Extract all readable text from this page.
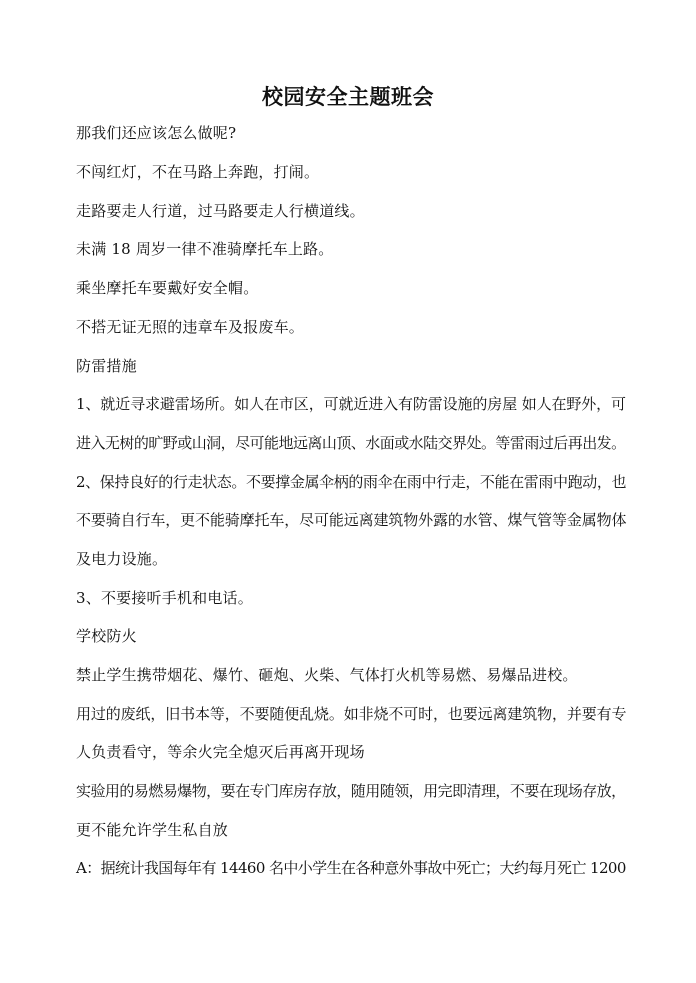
校园安全主题班会
那我们还应该怎么做呢?
不闯红灯，不在马路上奔跑，打闹。
走路要走人行道，过马路要走人行横道线。
未满 18 周岁一律不准骑摩托车上路。
乘坐摩托车要戴好安全帽。
不搭无证无照的违章车及报废车。
防雷措施
1、就近寻求避雷场所。如人在市区，可就近进入有防雷设施的房屋 如人在野外，可
进入无树的旷野或山洞，尽可能地远离山顶、水面或水陆交界处。等雷雨过后再出发。
2、保持良好的行走状态。不要撑金属伞柄的雨伞在雨中行走，不能在雷雨中跑动，也
不要骑自行车，更不能骑摩托车，尽可能远离建筑物外露的水管、煤气管等金属物体
及电力设施。
3、不要接听手机和电话。
学校防火
禁止学生携带烟花、爆竹、砸炮、火柴、气体打火机等易燃、易爆品进校。
用过的废纸，旧书本等，不要随便乱烧。如非烧不可时，也要远离建筑物，并要有专
人负责看守，等余火完全熄灭后再离开现场
实验用的易燃易爆物，要在专门库房存放，随用随领，用完即清理，不要在现场存放，
更不能允许学生私自放
A：据统计我国每年有 14460 名中小学生在各种意外事故中死亡；大约每月死亡 1200
